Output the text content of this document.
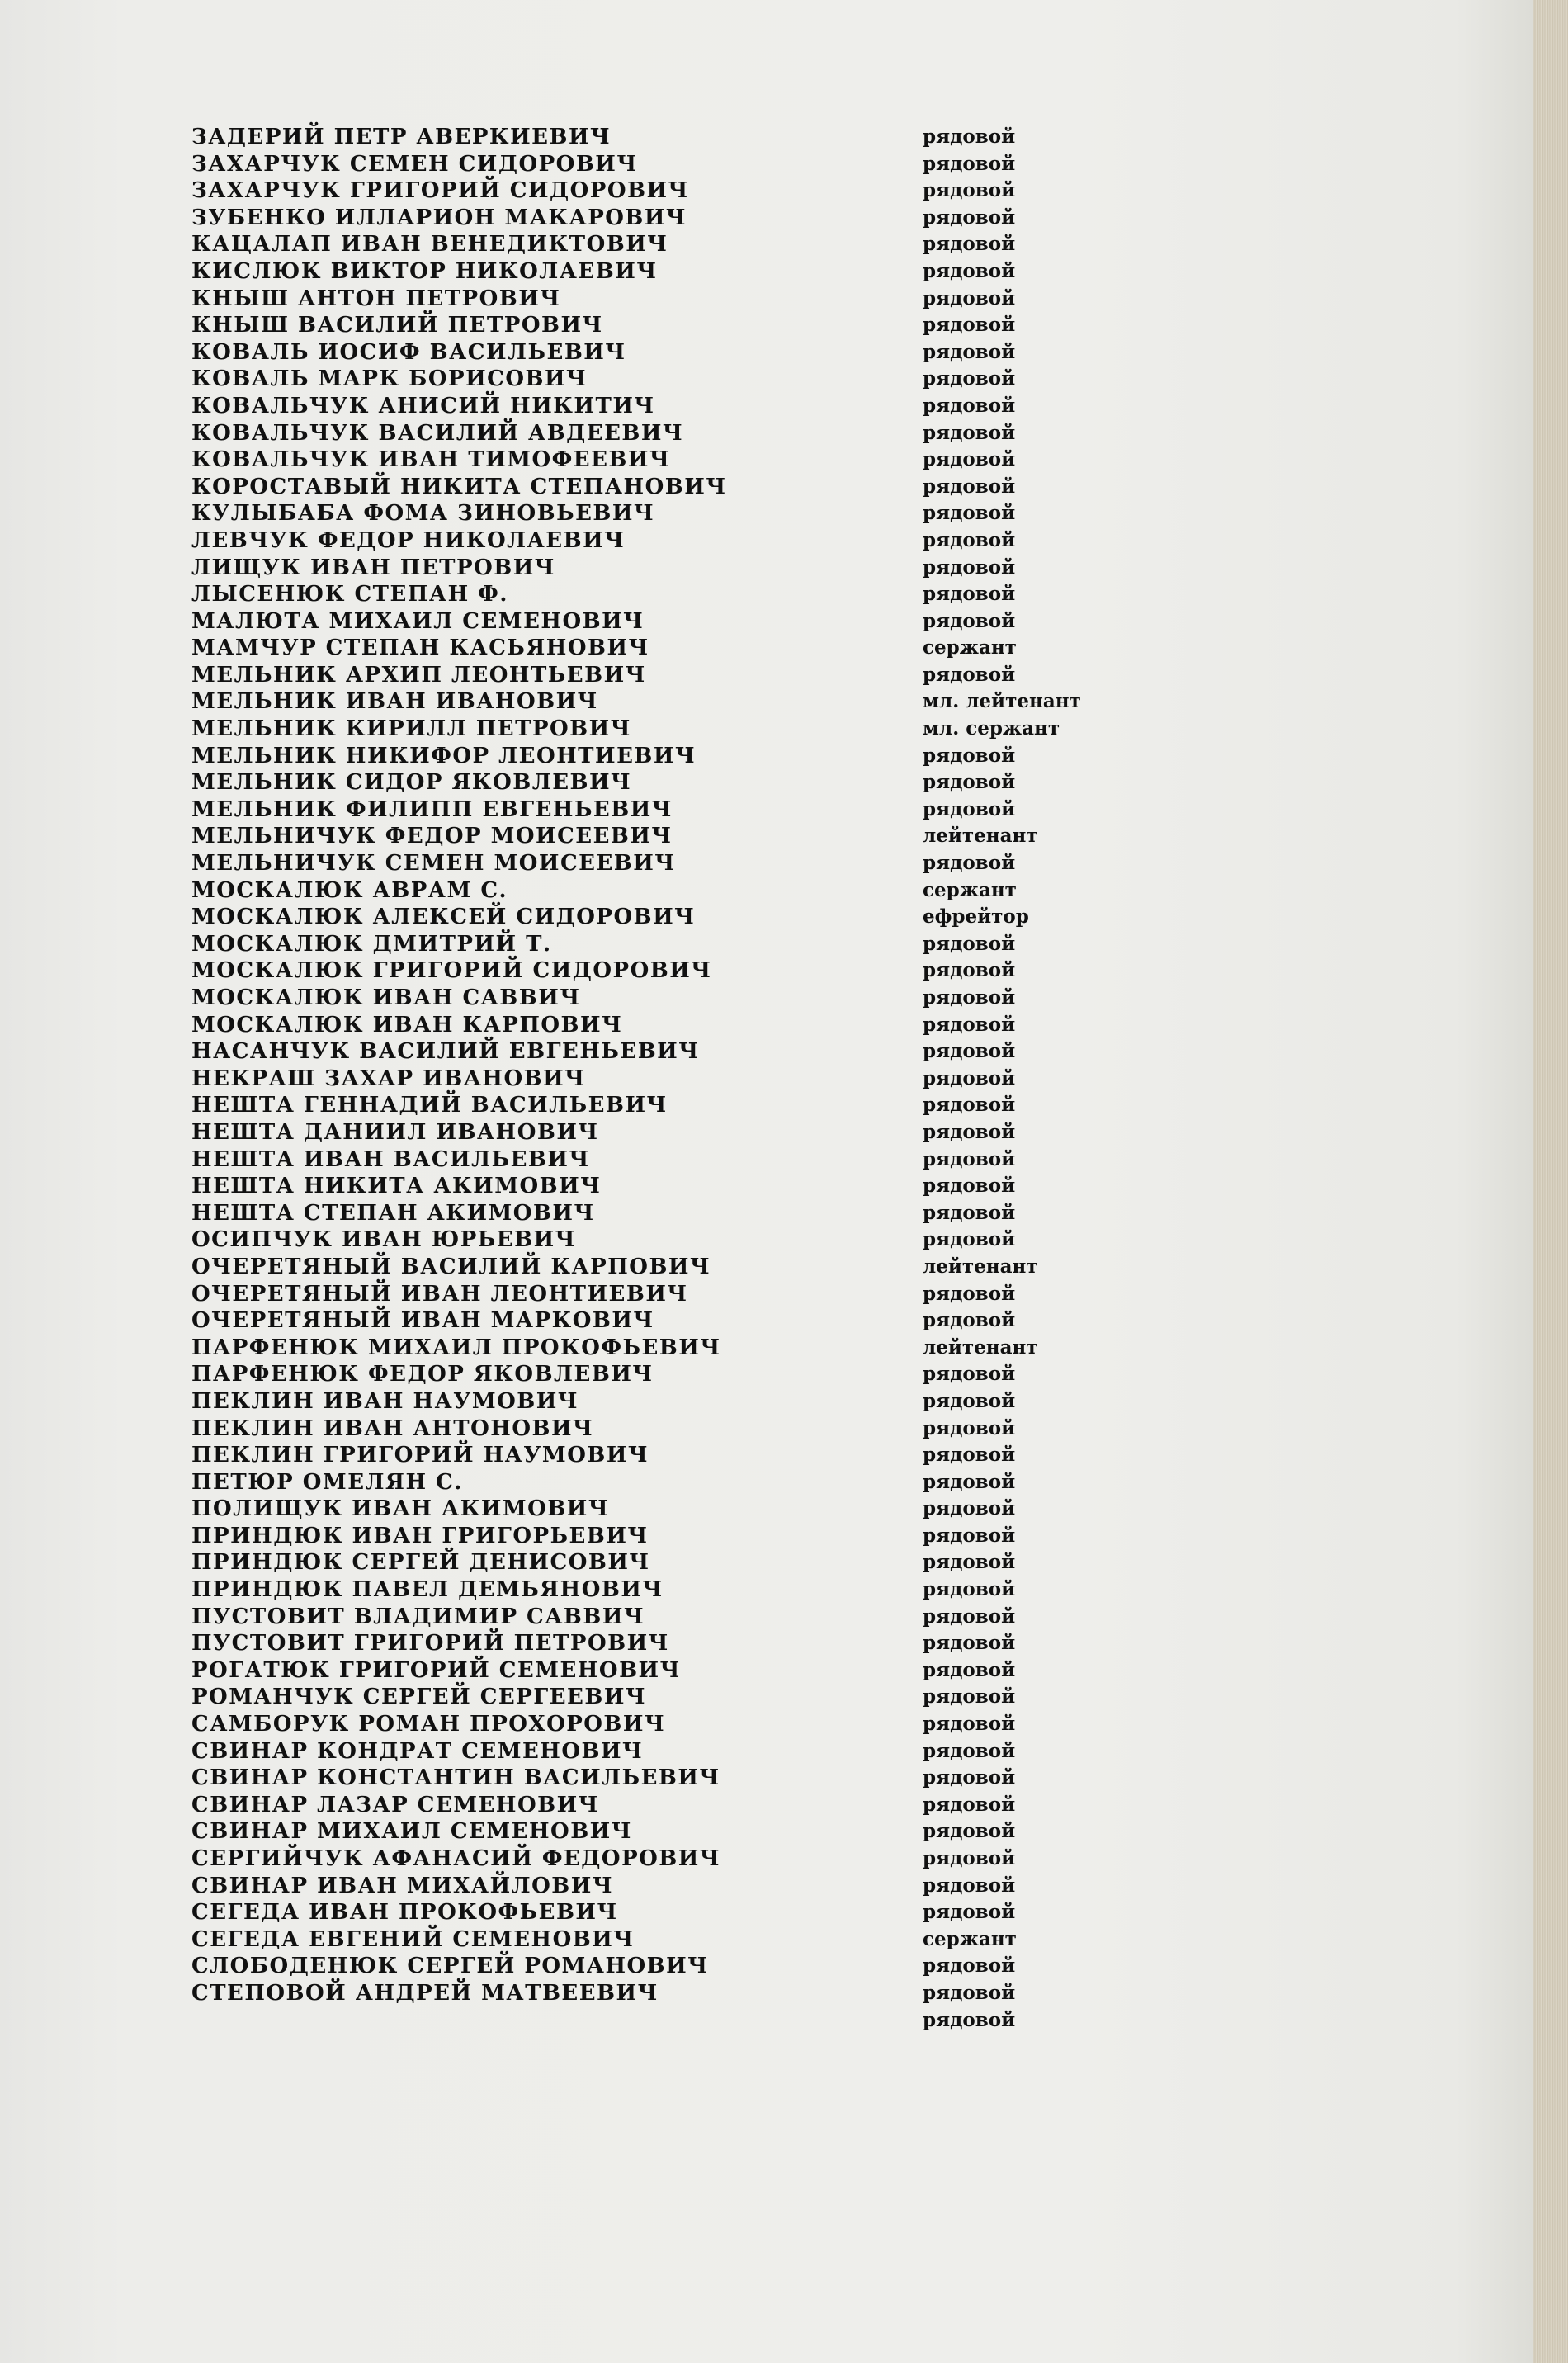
ЗАДЕРИЙ ПЕТР АВЕРКИЕВИЧ
ЗАХАРЧУК СЕМЕН СИДОРОВИЧ
ЗАХАРЧУК ГРИГОРИЙ СИДОРОВИЧ
ЗУБЕНКО ИЛЛАРИОН МАКАРОВИЧ
КАЦАЛАП ИВАН ВЕНЕДИКТОВИЧ
КИСЛЮК ВИКТОР НИКОЛАЕВИЧ
КНЫШ АНТОН ПЕТРОВИЧ
КНЫШ ВАСИЛИЙ ПЕТРОВИЧ
КОВАЛЬ ИОСИФ ВАСИЛЬЕВИЧ
КОВАЛЬ МАРК БОРИСОВИЧ
КОВАЛЬЧУК АНИСИЙ НИКИТИЧ
КОВАЛЬЧУК ВАСИЛИЙ АВДЕЕВИЧ
КОВАЛЬЧУК ИВАН ТИМОФЕЕВИЧ
КОРОСТАВЫЙ НИКИТА СТЕПАНОВИЧ
КУЛЫБАБА ФОМА ЗИНОВЬЕВИЧ
ЛЕВЧУК ФЕДОР НИКОЛАЕВИЧ
ЛИЩУК ИВАН ПЕТРОВИЧ
ЛЫСЕНЮК СТЕПАН Ф.
МАЛЮТА МИХАИЛ СЕМЕНОВИЧ
МАМЧУР СТЕПАН КАСЬЯНОВИЧ
МЕЛЬНИК АРХИП ЛЕОНТЬЕВИЧ
МЕЛЬНИК ИВАН ИВАНОВИЧ
МЕЛЬНИК КИРИЛЛ ПЕТРОВИЧ
МЕЛЬНИК НИКИФОР ЛЕОНТИЕВИЧ
МЕЛЬНИК СИДОР ЯКОВЛЕВИЧ
МЕЛЬНИК ФИЛИПП ЕВГЕНЬЕВИЧ
МЕЛЬНИЧУК ФЕДОР МОИСЕЕВИЧ
МЕЛЬНИЧУК СЕМЕН МОИСЕЕВИЧ
МОСКАЛЮК АВРАМ С.
МОСКАЛЮК АЛЕКСЕЙ СИДОРОВИЧ
МОСКАЛЮК ДМИТРИЙ Т.
МОСКАЛЮК ГРИГОРИЙ СИДОРОВИЧ
МОСКАЛЮК ИВАН САВВИЧ
МОСКАЛЮК ИВАН КАРПОВИЧ
НАСАНЧУК ВАСИЛИЙ ЕВГЕНЬЕВИЧ
НЕКРАШ ЗАХАР ИВАНОВИЧ
НЕШТА ГЕННАДИЙ ВАСИЛЬЕВИЧ
НЕШТА ДАНИИЛ ИВАНОВИЧ
НЕШТА ИВАН ВАСИЛЬЕВИЧ
НЕШТА НИКИТА АКИМОВИЧ
НЕШТА СТЕПАН АКИМОВИЧ
ОСИПЧУК ИВАН ЮРЬЕВИЧ
ОЧЕРЕТЯНЫЙ ВАСИЛИЙ КАРПОВИЧ
ОЧЕРЕТЯНЫЙ ИВАН ЛЕОНТИЕВИЧ
ОЧЕРЕТЯНЫЙ ИВАН МАРКОВИЧ
ПАРФЕНЮК МИХАИЛ ПРОКОФЬЕВИЧ
ПАРФЕНЮК ФЕДОР ЯКОВЛЕВИЧ
ПЕКЛИН ИВАН НАУМОВИЧ
ПЕКЛИН ИВАН АНТОНОВИЧ
ПЕКЛИН ГРИГОРИЙ НАУМОВИЧ
ПЕТЮР ОМЕЛЯН С.
ПОЛИЩУК ИВАН АКИМОВИЧ
ПРИНДЮК ИВАН ГРИГОРЬЕВИЧ
ПРИНДЮК СЕРГЕЙ ДЕНИСОВИЧ
ПРИНДЮК ПАВЕЛ ДЕМЬЯНОВИЧ
ПУСТОВИТ ВЛАДИМИР САВВИЧ
ПУСТОВИТ ГРИГОРИЙ ПЕТРОВИЧ
РОГАТЮК ГРИГОРИЙ СЕМЕНОВИЧ
РОМАНЧУК СЕРГЕЙ СЕРГЕЕВИЧ
САМБОРУК РОМАН ПРОХОРОВИЧ
СВИНАР КОНДРАТ СЕМЕНОВИЧ
СВИНАР КОНСТАНТИН ВАСИЛЬЕВИЧ
СВИНАР ЛАЗАР СЕМЕНОВИЧ
СВИНАР МИХАИЛ СЕМЕНОВИЧ
СЕРГИЙЧУК АФАНАСИЙ ФЕДОРОВИЧ
СВИНАР ИВАН МИХАЙЛОВИЧ
СЕГЕДА ИВАН ПРОКОФЬЕВИЧ
СЕГЕДА ЕВГЕНИЙ СЕМЕНОВИЧ
СЛОБОДЕНЮК СЕРГЕЙ РОМАНОВИЧ
СТЕПОВОЙ АНДРЕЙ МАТВЕЕВИЧ
рядовой
рядовой
рядовой
рядовой
рядовой
рядовой
рядовой
рядовой
рядовой
рядовой
рядовой
рядовой
рядовой
рядовой
рядовой
рядовой
рядовой
рядовой
рядовой
сержант
рядовой
мл. лейтенант
мл. сержант
рядовой
рядовой
рядовой
лейтенант
рядовой
сержант
ефрейтор
рядовой
рядовой
рядовой
рядовой
рядовой
рядовой
рядовой
рядовой
рядовой
рядовой
рядовой
рядовой
лейтенант
рядовой
рядовой
лейтенант
рядовой
рядовой
рядовой
рядовой
рядовой
рядовой
рядовой
рядовой
рядовой
рядовой
рядовой
рядовой
рядовой
рядовой
рядовой
рядовой
рядовой
рядовой
рядовой
рядовой
рядовой
сержант
рядовой
рядовой
рядовой
